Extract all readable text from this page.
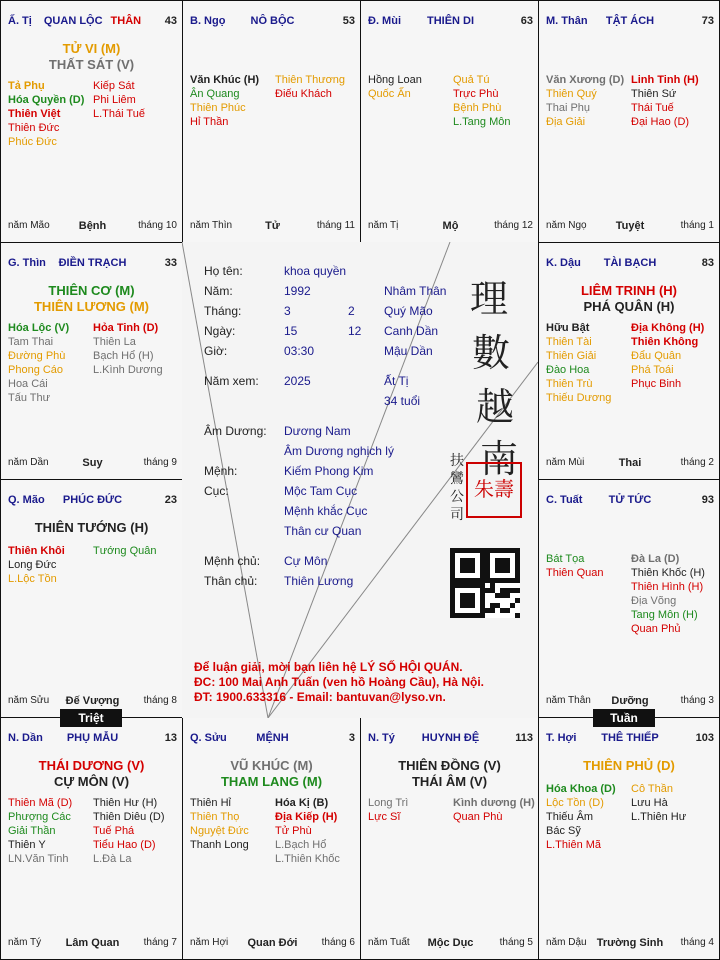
Ấ. Tị	QUAN LỘC THÂN	43
TỬ VI (M)
THẤT SÁT (V)
Tả Phụ
Hóa Quyền (D)
Thiên Việt
Thiên Đức
Phúc Đức
Kiếp Sát
Phi Liêm
L.Thái Tuế
năm Mão	Bệnh	tháng 10
B. Ngọ	NÔ BỘC	53
Văn Khúc (H)
Ân Quang
Thiên Phúc
Hỉ Thần
Thiên Thương
Điếu Khách
năm Thìn	Tử	tháng 11
Đ. Mùi	THIÊN DI	63
Hồng Loan
Quốc Ấn
Quả Tú
Trực Phù
Bệnh Phù
L.Tang Môn
năm Tị	Mộ	tháng 12
M. Thân	TẬT ÁCH	73
Văn Xương (D)
Thiên Quý
Thai Phụ
Địa Giải
Linh Tinh (H)
Thiên Sứ
Thái Tuế
Đại Hao (D)
năm Ngọ	Tuyệt	tháng 1
G. Thìn	ĐIỀN TRẠCH	33
THIÊN CƠ (M)
THIÊN LƯƠNG (M)
Hóa Lộc (V)
Tam Thai
Đường Phù
Phong Cáo
Hoa Cái
Tấu Thư
Hỏa Tinh (D)
Thiên La
Bạch Hổ (H)
L.Kình Dương
năm Dần	Suy	tháng 9
K. Dậu	TÀI BẠCH	83
LIÊM TRINH (H)
PHÁ QUÂN (H)
Hữu Bật
Thiên Tài
Thiên Giải
Đào Hoa
Thiên Trù
Thiếu Dương
Địa Không (H)
Thiên Không
Đẩu Quân
Phá Toái
Phục Binh
năm Mùi	Thai	tháng 2
Q. Mão	PHÚC ĐỨC	23
THIÊN TƯỚNG (H)
Thiên Khôi
Long Đức
L.Lộc Tồn
Tướng Quân
năm Sửu	Đế Vượng	tháng 8
C. Tuất	TỬ TỨC	93
Bát Tọa
Thiên Quan
Đà La (D)
Thiên Khốc (H)
Thiên Hình (H)
Địa Võng
Tang Môn (H)
Quan Phủ
năm Thân	Dưỡng	tháng 3
N. Dần	PHỤ MẪU	13
THÁI DƯƠNG (V)
CỰ MÔN (V)
Thiên Mã (D)
Phượng Các
Giải Thần
Thiên Y
LN.Văn Tinh
Thiên Hư (H)
Thiên Diêu (D)
Tuế Phá
Tiểu Hao (D)
L.Đà La
năm Tý	Lâm Quan	tháng 7
Q. Sửu	MỆNH	3
VŨ KHÚC (M)
THAM LANG (M)
Thiên Hỉ
Thiên Thọ
Nguyệt Đức
Thanh Long
Hóa Kị (B)
Địa Kiếp (H)
Tử Phù
L.Bạch Hổ
L.Thiên Khốc
năm Hợi	Quan Đới	tháng 6
N. Tý	HUYNH ĐỆ	113
THIÊN ĐỒNG (V)
THÁI ÂM (V)
Long Trì
Lực Sĩ
Kình dương (H)
Quan Phù
năm Tuất	Mộc Dục	tháng 5
T. Hợi	THÊ THIẾP	103
THIÊN PHỦ (D)
Hóa Khoa (D)
Lộc Tồn (D)
Thiếu Âm
Bác Sỹ
L.Thiên Mã
Cô Thần
Lưu Hà
L.Thiên Hư
năm Dậu Trường Sinh	tháng 4
Họ tên:	khoa quyền
Năm:	1992	Nhâm Thân
Tháng:	3	2 Quý Mão
Ngày:	15	12 Canh Dần
Giờ:	03:30	Mậu Dần
Năm xem: 2025	Ất Tị
34 tuổi
Âm Dương: Dương Nam
Âm Dương nghịch lý
Mệnh:	Kiếm Phong Kim
Cục:	Mộc Tam Cục
Mệnh khắc Cục
Thân cư Quan
Mệnh chủ: Cự Môn
Thân chủ: Thiên Lương
Để luận giải, mời bạn liên hệ LÝ SỐ HỘI QUÁN.
ĐC: 100 Mai Anh Tuấn (ven hồ Hoàng Cầu), Hà Nội.
ĐT: 1900.633316 - Email: bantuvan@lyso.vn.
理
數
越
南
扶
鸞
公
司
朱壽
Triệt	Tuần
